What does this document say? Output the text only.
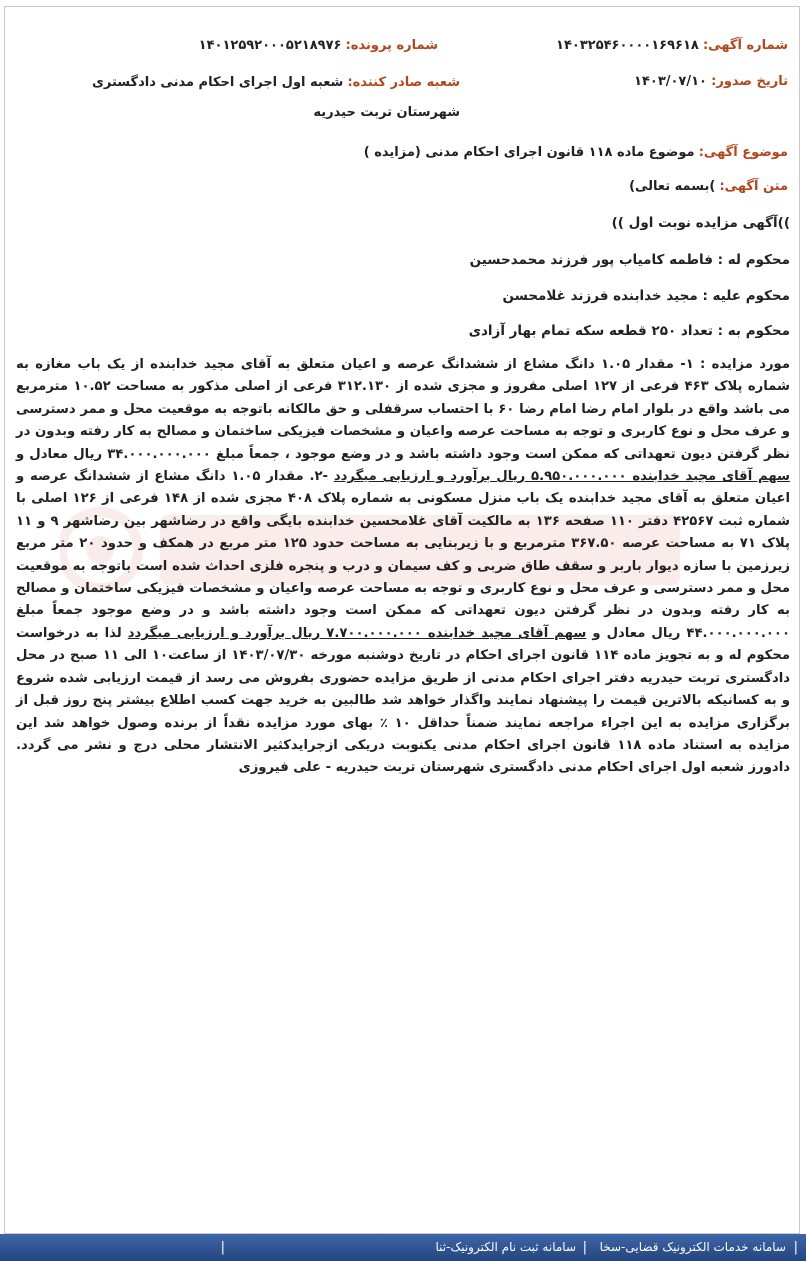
شماره آگهی: ۱۴۰۳۲۵۴۶۰۰۰۰۱۶۹۶۱۸
شماره پرونده: ۱۴۰۱۲۵۹۲۰۰۰۵۲۱۸۹۷۶
تاریخ صدور: ۱۴۰۳/۰۷/۱۰
شعبه صادر کننده: شعبه اول اجرای احکام مدنی دادگستری شهرستان تربت حیدریه
موضوع آگهی: موضوع ماده ۱۱۸ قانون اجرای احکام مدنی (مزایده )
متن آگهی: )بسمه تعالی)
))آگهی مزایده نوبت اول ))
محکوم له : فاطمه کامیاب پور فرزند محمدحسین
محکوم علیه : مجید خدابنده فرزند غلامحسن
محکوم به : تعداد ۲۵۰ قطعه سکه تمام بهار آزادی
مورد مزایده : ۱- مقدار ۱.۰۵ دانگ مشاع از ششدانگ عرصه و اعیان متعلق به آقای مجید خدابنده از یک باب مغازه به شماره پلاک ۴۶۳ فرعی از ۱۲۷ اصلی مفروز و مجزی شده از ۳۱۲.۱۳۰ فرعی از اصلی مذکور به مساحت ۱۰.۵۲ مترمربع می باشد واقع در بلوار امام رضا امام رضا ۶۰ با احتساب سرقفلی و حق مالکانه باتوجه به موقعیت محل و ممر دسترسی و عرف محل و نوع کاربری و توجه به مساحت عرصه واعیان و مشخصات فیزیکی ساختمان و مصالح به کار رفته وبدون در نظر گرفتن دیون تعهداتی که ممکن است وجود داشته باشد و در وضع موجود ، جمعاً مبلغ ۳۴.۰۰۰.۰۰۰.۰۰۰ ریال معادل و سهم آقای مجید خدابنده ۵.۹۵۰.۰۰۰.۰۰۰ ریال برآورد و ارزیابی میگردد -۲. مقدار ۱.۰۵ دانگ مشاع از ششدانگ عرصه و اعیان متعلق به آقای مجید خدابنده یک باب منزل مسکونی به شماره پلاک ۴۰۸ مجزی شده از ۱۴۸ فرعی از ۱۲۶ اصلی با شماره ثبت ۴۲۵۶۷ دفتر ۱۱۰ صفحه ۱۳۶ به مالکیت آقای غلامحسین خدابنده بایگی واقع در رضاشهر بین رضاشهر ۹ و ۱۱ پلاک ۷۱ به مساحت عرصه ۳۶۷.۵۰ مترمربع و با زیربنایی به مساحت حدود ۱۲۵ متر مربع در همکف و حدود ۲۰ متر مربع زیرزمین با سازه دیوار باربر و سقف طاق ضربی و کف سیمان و درب و پنجره فلزی احداث شده است باتوجه به موقعیت محل و ممر دسترسی و عرف محل و نوع کاربری و توجه به مساحت عرصه واعیان و مشخصات فیزیکی ساختمان و مصالح به کار رفته وبدون در نظر گرفتن دیون تعهداتی که ممکن است وجود داشته باشد و در وضع موجود جمعاً مبلغ ۴۴.۰۰۰.۰۰۰.۰۰۰ ریال معادل و سهم آقای مجید خدابنده ۷.۷۰۰.۰۰۰.۰۰۰ ریال برآورد و ارزیابی میگردد لذا به درخواست محکوم له و به تجویز ماده ۱۱۴ قانون اجرای احکام در تاریخ دوشنبه مورخه ۱۴۰۳/۰۷/۳۰ از ساعت۱۰ الی ۱۱ صبح در محل دادگستری تربت حیدریه دفتر اجرای احکام مدنی از طریق مزایده حضوری بفروش می رسد از قیمت ارزیابی شده شروع و به کسانیکه بالاترین قیمت را پیشنهاد نمایند واگذار خواهد شد طالبین به خرید جهت کسب اطلاع بیشتر پنج روز قبل از برگزاری مزایده به این اجراء مراجعه نمایند ضمناً حداقل ۱۰ ٪ بهای مورد مزایده نقداً از برنده وصول خواهد شد این مزایده به استناد ماده ۱۱۸ قانون اجرای احکام مدنی یکنوبت دریکی ازجرایدکثیر الانتشار محلی درج و نشر می گردد. دادورز شعبه اول اجرای احکام مدنی دادگستری شهرستان تربت حیدریه - علی فیروزی
|
سامانه خدمات الکترونیک قضایی-سخا
|
سامانه ثبت نام الکترونیک-ثنا
|
